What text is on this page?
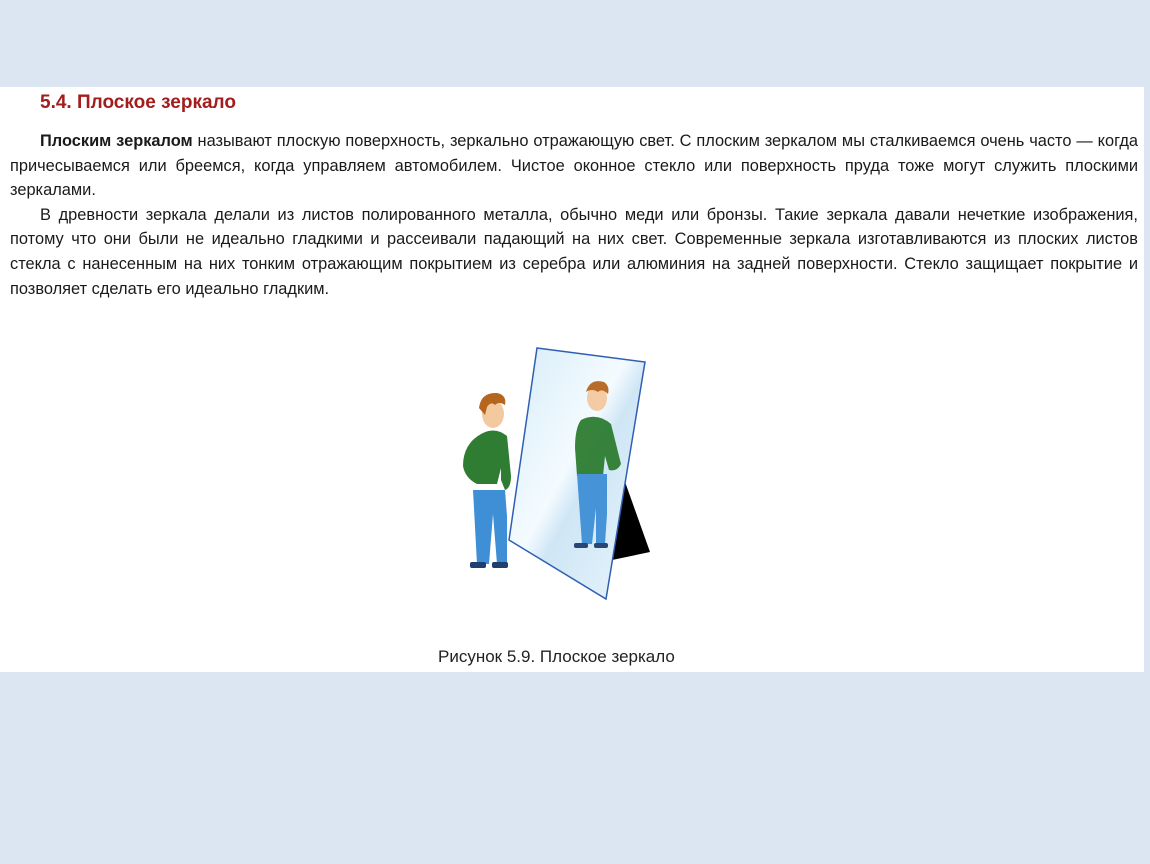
5.4. Плоское зеркало

Плоским зеркалом называют плоскую поверхность, зеркально отражающую свет. С плоским зеркалом мы сталкиваемся очень часто — когда причесываемся или бреемся, когда управляем автомобилем. Чистое оконное стекло или поверхность пруда тоже могут служить плоскими зеркалами.

В древности зеркала делали из листов полированного металла, обычно меди или бронзы. Такие зеркала давали нечеткие изображения, потому что они были не идеально гладкими и рассеивали падающий на них свет. Современные зеркала изготавливаются из плоских листов стекла с нанесенным на них тонким отражающим покрытием из серебра или алюминия на задней поверхности. Стекло защищает покрытие и позволяет сделать его идеально гладким.

Рисунок 5.9. Плоское зеркало
